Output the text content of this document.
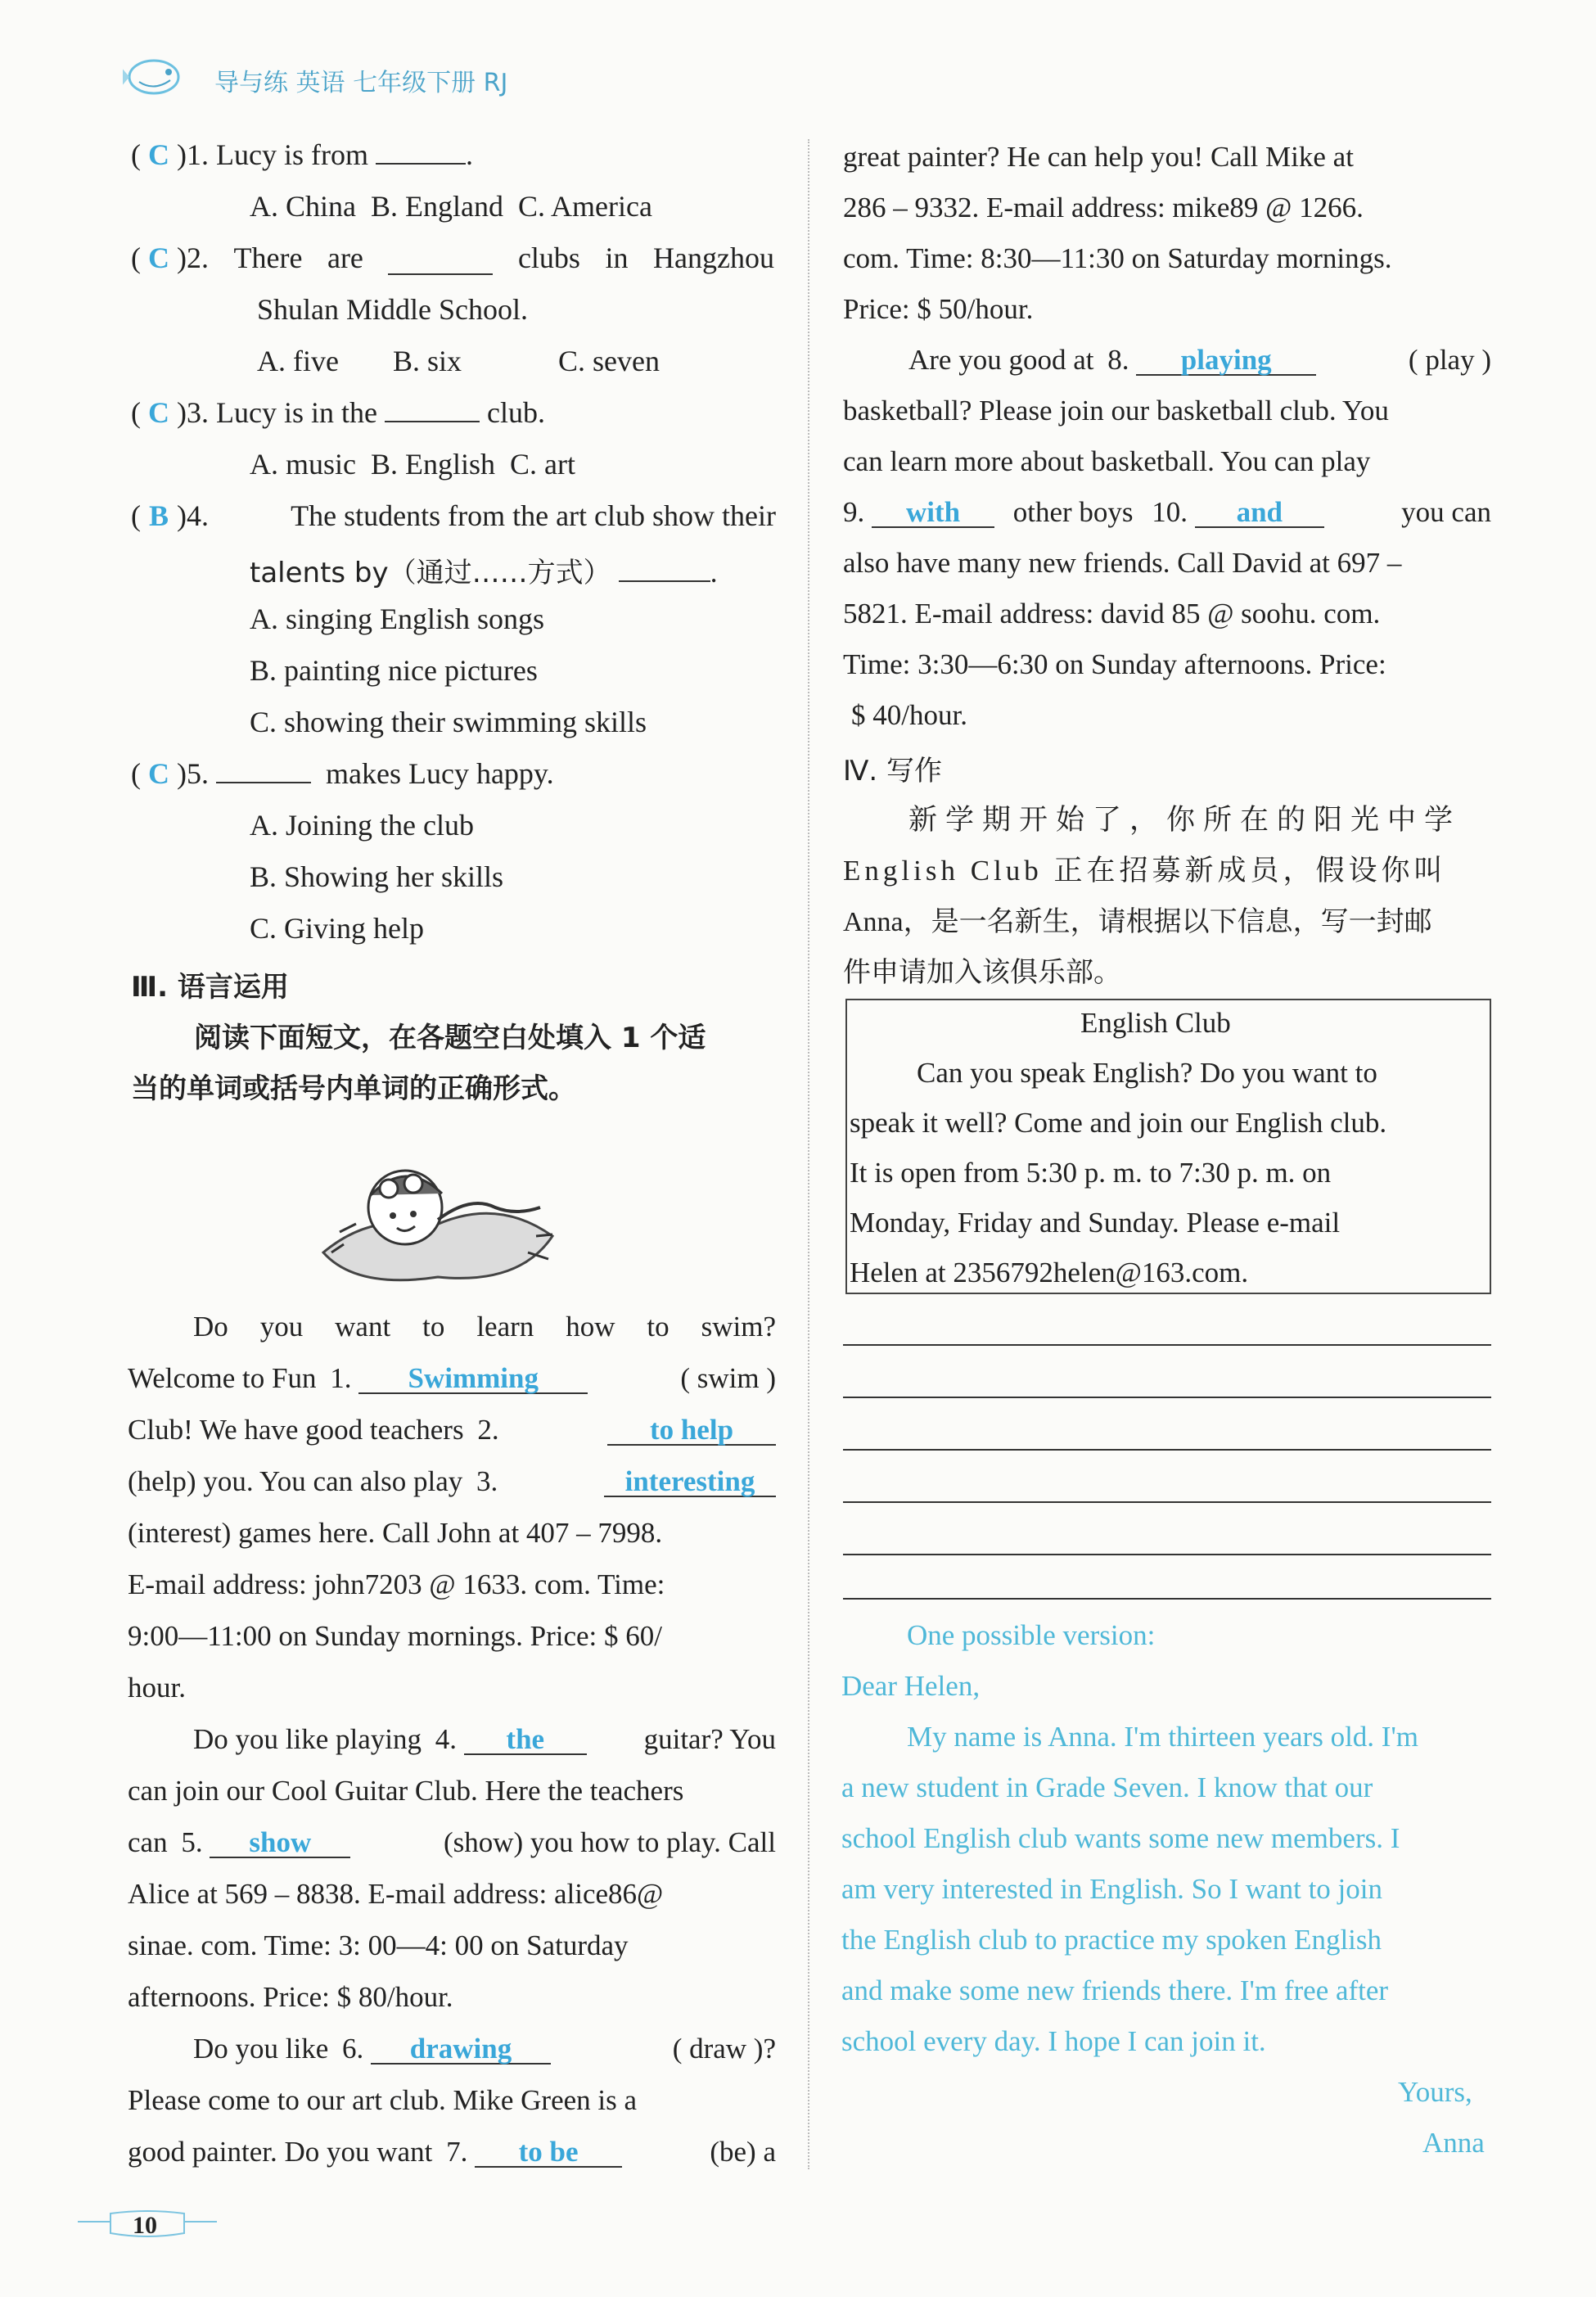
导与练 英语 七年级下册 RJ
( C )1. Lucy is from	.
A. China B. England C. America
( C )2. There are	clubs in Hangzhou
Shulan Middle School.
A. five B. six	C. seven
( C )3. Lucy is in the	club.
A. music B. English C. art
( B )4.	The students from the art club show their
talents by（通过……方式）	.
A. singing English songs
B. painting nice pictures
C. showing their swimming skills
( C )5.	makes Lucy happy.
A. Joining the club
B. Showing her skills
C. Giving help
Ⅲ. 语言运用
阅读下面短文，在各题空白处填入 1 个适
当的单词或括号内单词的正确形式。
Do you want to learn how to swim?
Welcome to Fun 1. Swimming	( swim )
Club! We have good teachers 2.	to help
(help) you. You can also play 3.	interesting
(interest) games here. Call John at 407 – 7998.
E-mail address: john7203 @ 1633. com. Time:
9:00—11:00 on Sunday mornings. Price: $ 60/
hour.
Do you like playing 4. the	guitar? You
can join our Cool Guitar Club. Here the teachers
can 5. show	(show) you how to play. Call
Alice at 569 – 8838. E-mail address: alice86@
sinae. com. Time: 3: 00—4: 00 on Saturday
afternoons. Price: $ 80/hour.
Do you like 6. drawing	( draw )?
Please come to our art club. Mike Green is a
good painter. Do you want 7. to be	(be) a
great painter? He can help you! Call Mike at
286 – 9332. E-mail address: mike89 @ 1266.
com. Time: 8:30—11:30 on Saturday mornings.
Price: $ 50/hour.
Are you good at 8. playing	( play )
basketball? Please join our basketball club. You
can learn more about basketball. You can play
9. with other boys 10. and	you can
also have many new friends. Call David at 697 –
5821. E-mail address: david 85 @ soohu. com.
Time: 3:30—6:30 on Sunday afternoons. Price:
$ 40/hour.
Ⅳ. 写作
新学期开始了，你所在的阳光中学
English Club 正在招募新成员，假设你叫
Anna，是一名新生，请根据以下信息，写一封邮
件申请加入该俱乐部。
English Club
Can you speak English? Do you want to
speak it well? Come and join our English club.
It is open from 5:30 p. m. to 7:30 p. m. on
Monday, Friday and Sunday. Please e-mail
Helen at 2356792helen@163.com.
One possible version:
Dear Helen,
My name is Anna. I'm thirteen years old. I'm
a new student in Grade Seven. I know that our
school English club wants some new members. I
am very interested in English. So I want to join
the English club to practice my spoken English
and make some new friends there. I'm free after
school every day. I hope I can join it.
Yours,
Anna
10
